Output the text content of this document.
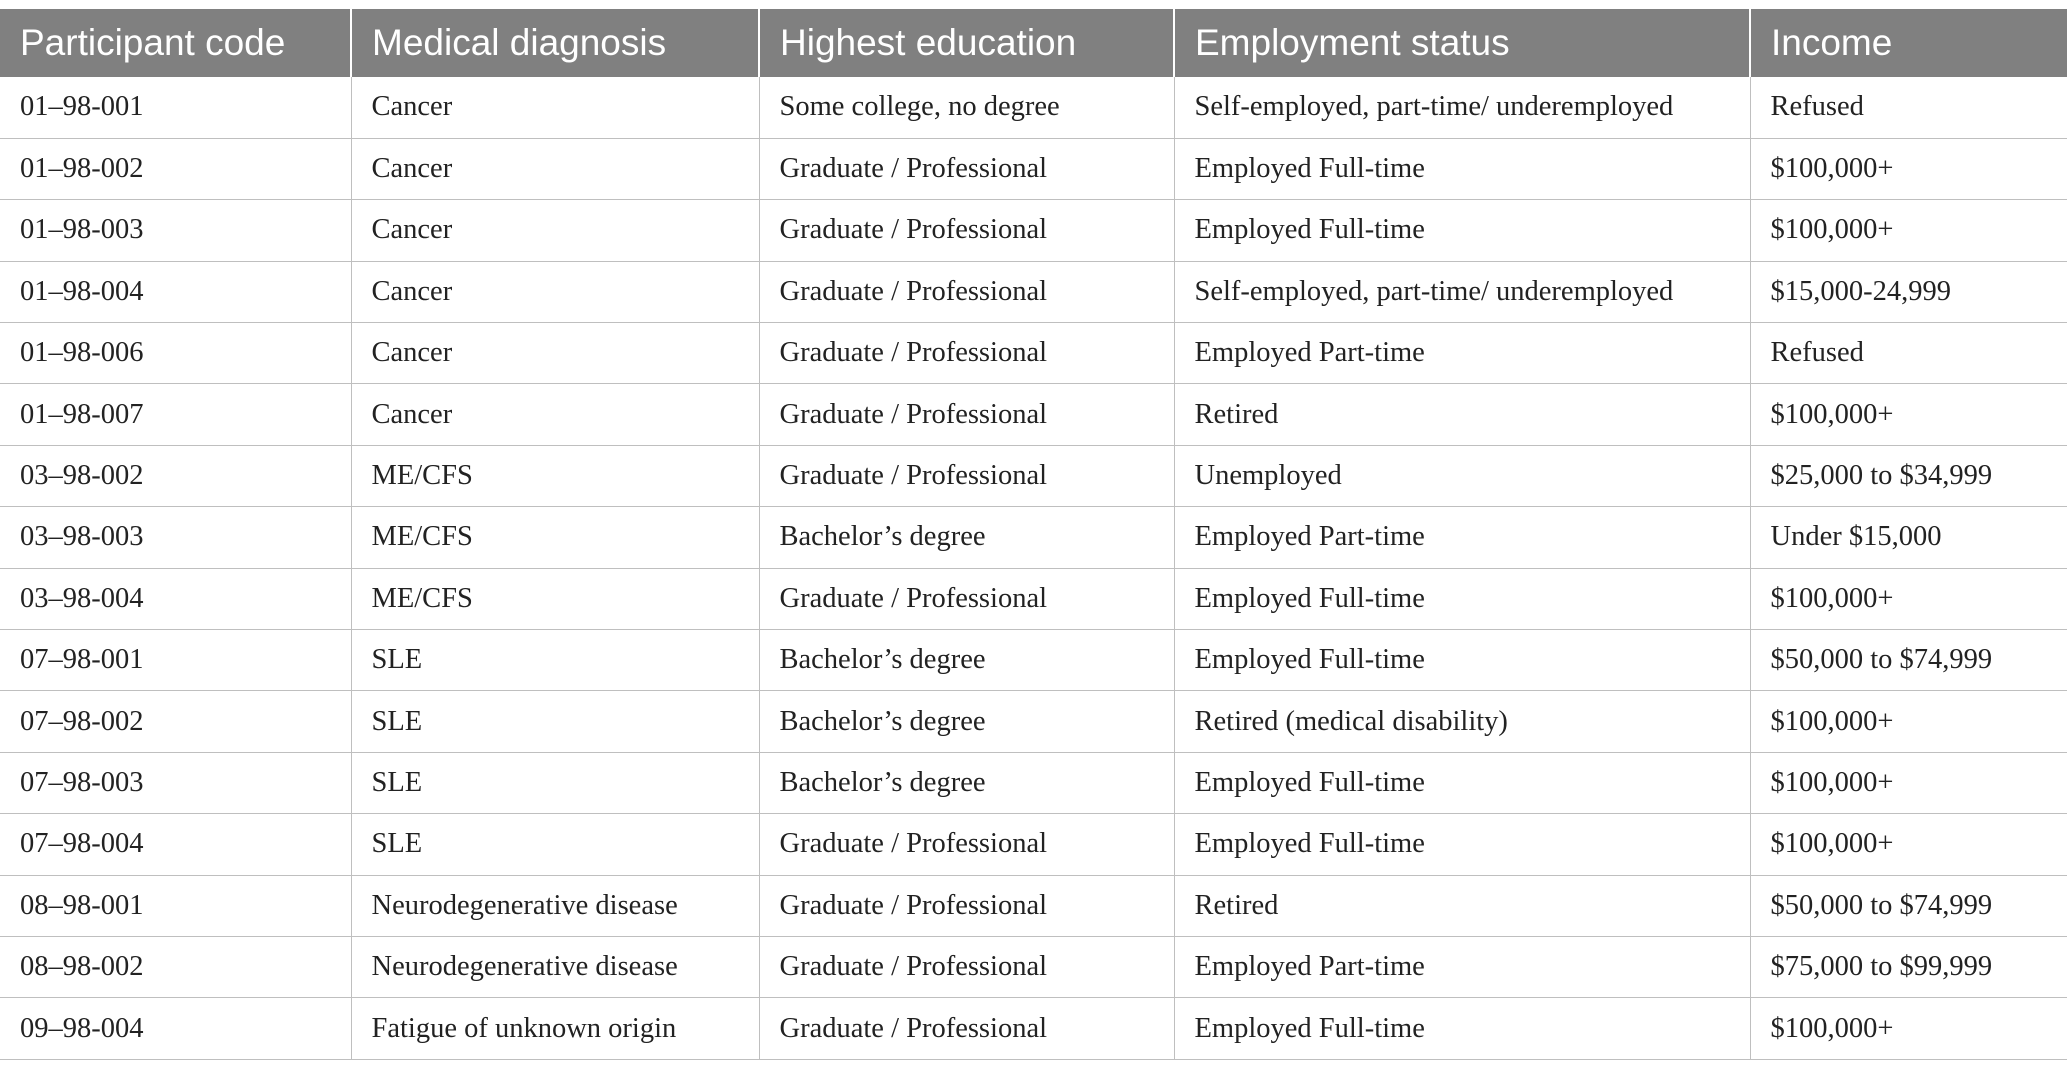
Participant code	Medical diagnosis	Highest education	Employment status	Income
01–98-001	Cancer	Some college, no degree	Self-employed, part-time/ underemployed	Refused
01–98-002	Cancer	Graduate / Professional	Employed Full-time	$100,000+
01–98-003	Cancer	Graduate / Professional	Employed Full-time	$100,000+
01–98-004	Cancer	Graduate / Professional	Self-employed, part-time/ underemployed	$15,000-24,999
01–98-006	Cancer	Graduate / Professional	Employed Part-time	Refused
01–98-007	Cancer	Graduate / Professional	Retired	$100,000+
03–98-002	ME/CFS	Graduate / Professional	Unemployed	$25,000 to $34,999
03–98-003	ME/CFS	Bachelor’s degree	Employed Part-time	Under $15,000
03–98-004	ME/CFS	Graduate / Professional	Employed Full-time	$100,000+
07–98-001	SLE	Bachelor’s degree	Employed Full-time	$50,000 to $74,999
07–98-002	SLE	Bachelor’s degree	Retired (medical disability)	$100,000+
07–98-003	SLE	Bachelor’s degree	Employed Full-time	$100,000+
07–98-004	SLE	Graduate / Professional	Employed Full-time	$100,000+
08–98-001	Neurodegenerative disease	Graduate / Professional	Retired	$50,000 to $74,999
08–98-002	Neurodegenerative disease	Graduate / Professional	Employed Part-time	$75,000 to $99,999
09–98-004	Fatigue of unknown origin	Graduate / Professional	Employed Full-time	$100,000+
